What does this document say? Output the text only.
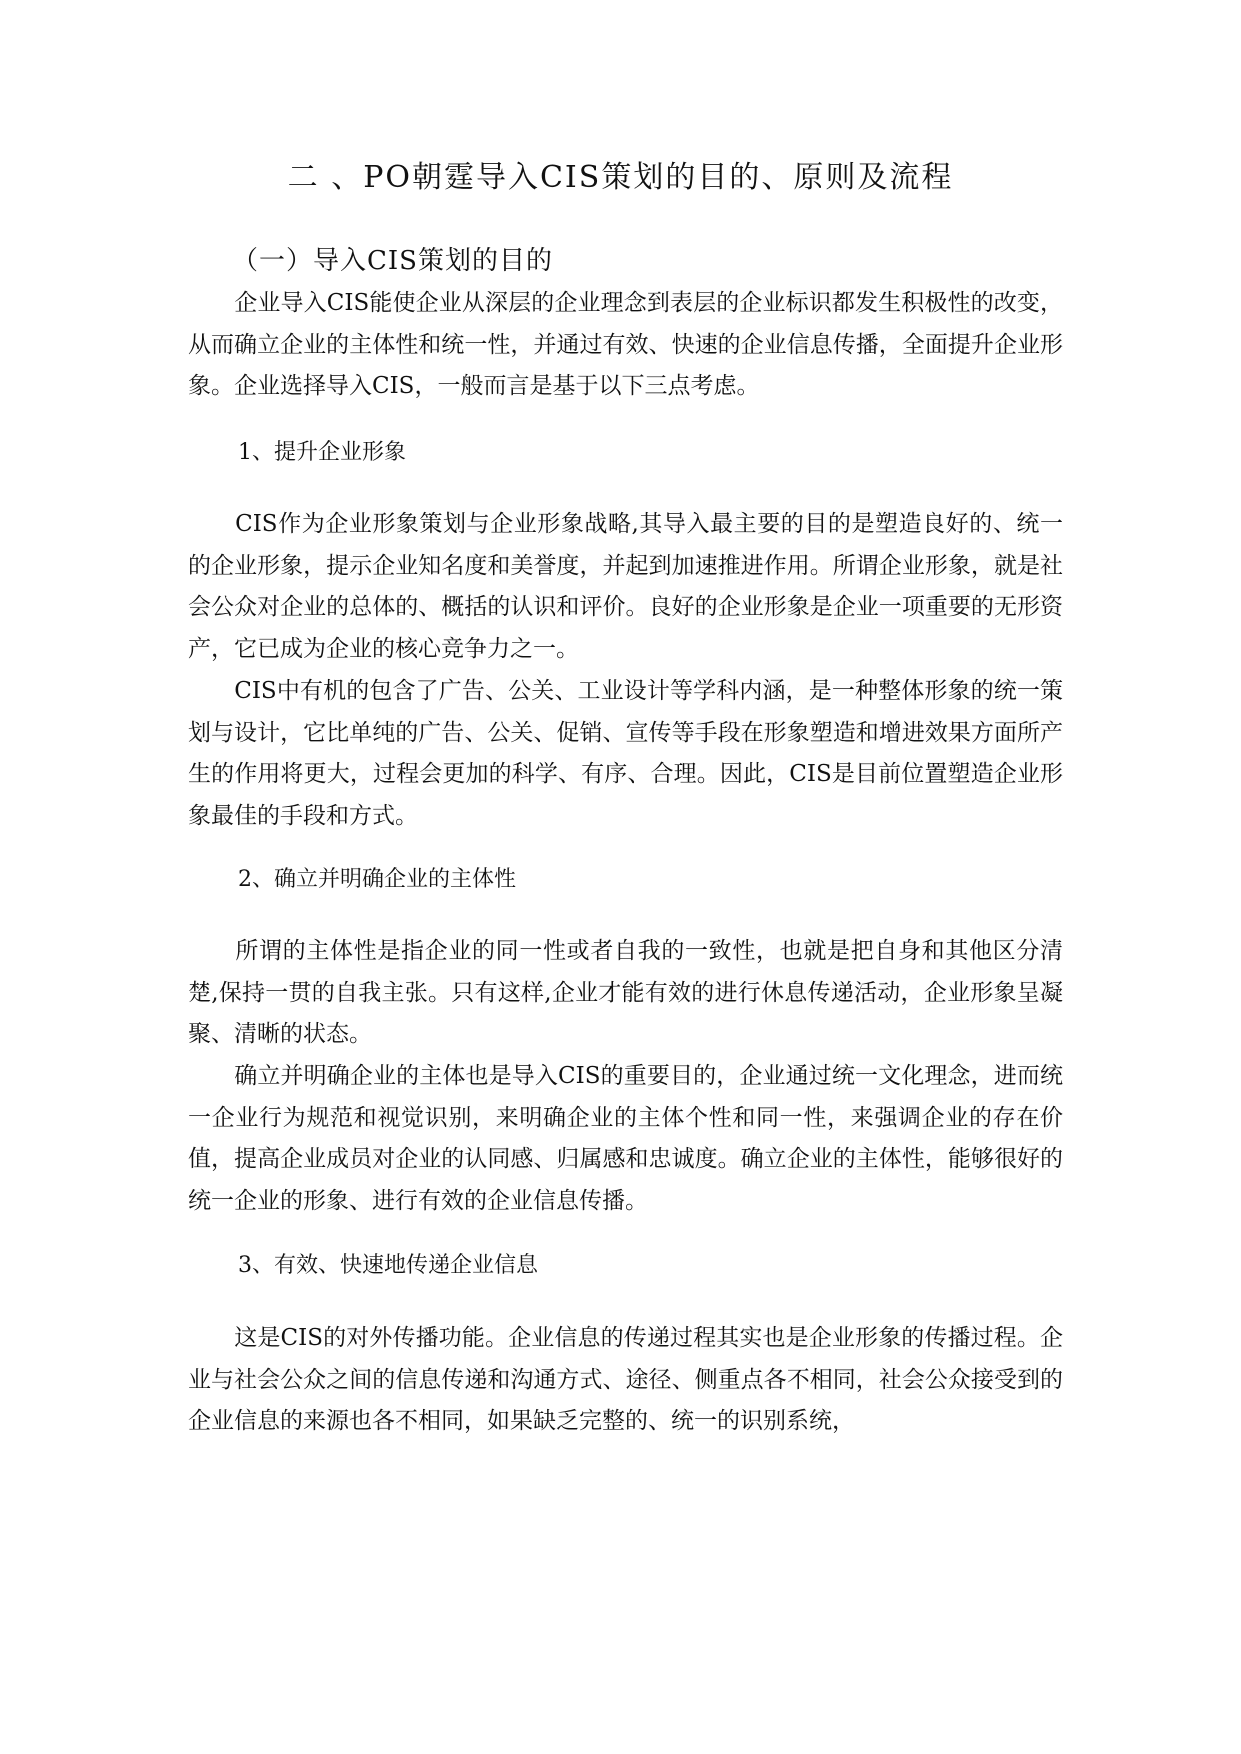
二 、PO朝霆导入CIS策划的目的、原则及流程
（一）导入CIS策划的目的

　　企业导入CIS能使企业从深层的企业理念到表层的企业标识都发生积极性的改变，从而确立企业的主体性和统一性，并通过有效、快速的企业信息传播，全面提升企业形象。企业选择导入CIS，一般而言是基于以下三点考虑。

1、提升企业形象

　　CIS作为企业形象策划与企业形象战略,其导入最主要的目的是塑造良好的、统一的企业形象，提示企业知名度和美誉度，并起到加速推进作用。所谓企业形象，就是社会公众对企业的总体的、概括的认识和评价。良好的企业形象是企业一项重要的无形资产，它已成为企业的核心竞争力之一。

　　CIS中有机的包含了广告、公关、工业设计等学科内涵，是一种整体形象的统一策划与设计，它比单纯的广告、公关、促销、宣传等手段在形象塑造和增进效果方面所产生的作用将更大，过程会更加的科学、有序、合理。因此，CIS是目前位置塑造企业形象最佳的手段和方式。

2、确立并明确企业的主体性

　　所谓的主体性是指企业的同一性或者自我的一致性，也就是把自身和其他区分清楚,保持一贯的自我主张。只有这样,企业才能有效的进行休息传递活动，企业形象呈凝聚、清晰的状态。

　　确立并明确企业的主体也是导入CIS的重要目的，企业通过统一文化理念，进而统一企业行为规范和视觉识别，来明确企业的主体个性和同一性，来强调企业的存在价值，提高企业成员对企业的认同感、归属感和忠诚度。确立企业的主体性，能够很好的统一企业的形象、进行有效的企业信息传播。

3、有效、快速地传递企业信息

　　这是CIS的对外传播功能。企业信息的传递过程其实也是企业形象的传播过程。企业与社会公众之间的信息传递和沟通方式、途径、侧重点各不相同，社会公众接受到的企业信息的来源也各不相同，如果缺乏完整的、统一的识别系统，
